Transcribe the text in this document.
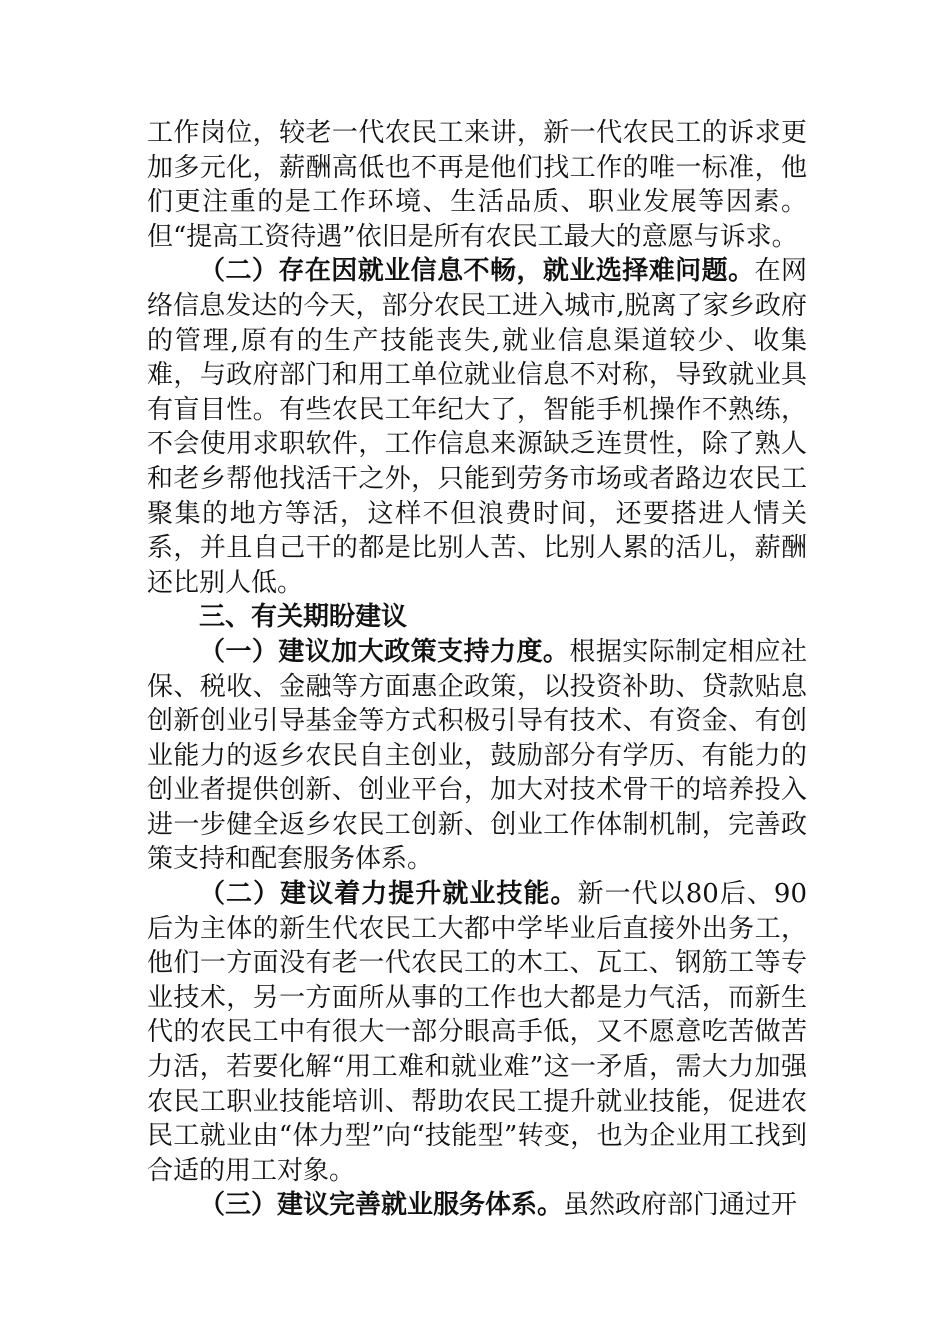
工作岗位，较老一代农民工来讲，新一代农民工的诉求更加多元化，薪酬高低也不再是他们找工作的唯一标准，他们更注重的是工作环境、生活品质、职业发展等因素。但“提高工资待遇”依旧是所有农民工最大的意愿与诉求。

（二）存在因就业信息不畅，就业选择难问题。在网络信息发达的今天，部分农民工进入城市,脱离了家乡政府的管理,原有的生产技能丧失,就业信息渠道较少、收集难，与政府部门和用工单位就业信息不对称，导致就业具有盲目性。有些农民工年纪大了，智能手机操作不熟练，不会使用求职软件，工作信息来源缺乏连贯性，除了熟人和老乡帮他找活干之外，只能到劳务市场或者路边农民工聚集的地方等活，这样不但浪费时间，还要搭进人情关系，并且自己干的都是比别人苦、比别人累的活儿，薪酬还比别人低。

三、有关期盼建议

（一）建议加大政策支持力度。根据实际制定相应社保、税收、金融等方面惠企政策，以投资补助、贷款贴息创新创业引导基金等方式积极引导有技术、有资金、有创业能力的返乡农民自主创业，鼓励部分有学历、有能力的创业者提供创新、创业平台，加大对技术骨干的培养投入进一步健全返乡农民工创新、创业工作体制机制，完善政策支持和配套服务体系。

（二）建议着力提升就业技能。新一代以80后、90后为主体的新生代农民工大都中学毕业后直接外出务工，他们一方面没有老一代农民工的木工、瓦工、钢筋工等专业技术，另一方面所从事的工作也大都是力气活，而新生代的农民工中有很大一部分眼高手低，又不愿意吃苦做苦力活，若要化解“用工难和就业难”这一矛盾，需大力加强农民工职业技能培训、帮助农民工提升就业技能，促进农民工就业由“体力型”向“技能型”转变，也为企业用工找到合适的用工对象。

（三）建议完善就业服务体系。虽然政府部门通过开
